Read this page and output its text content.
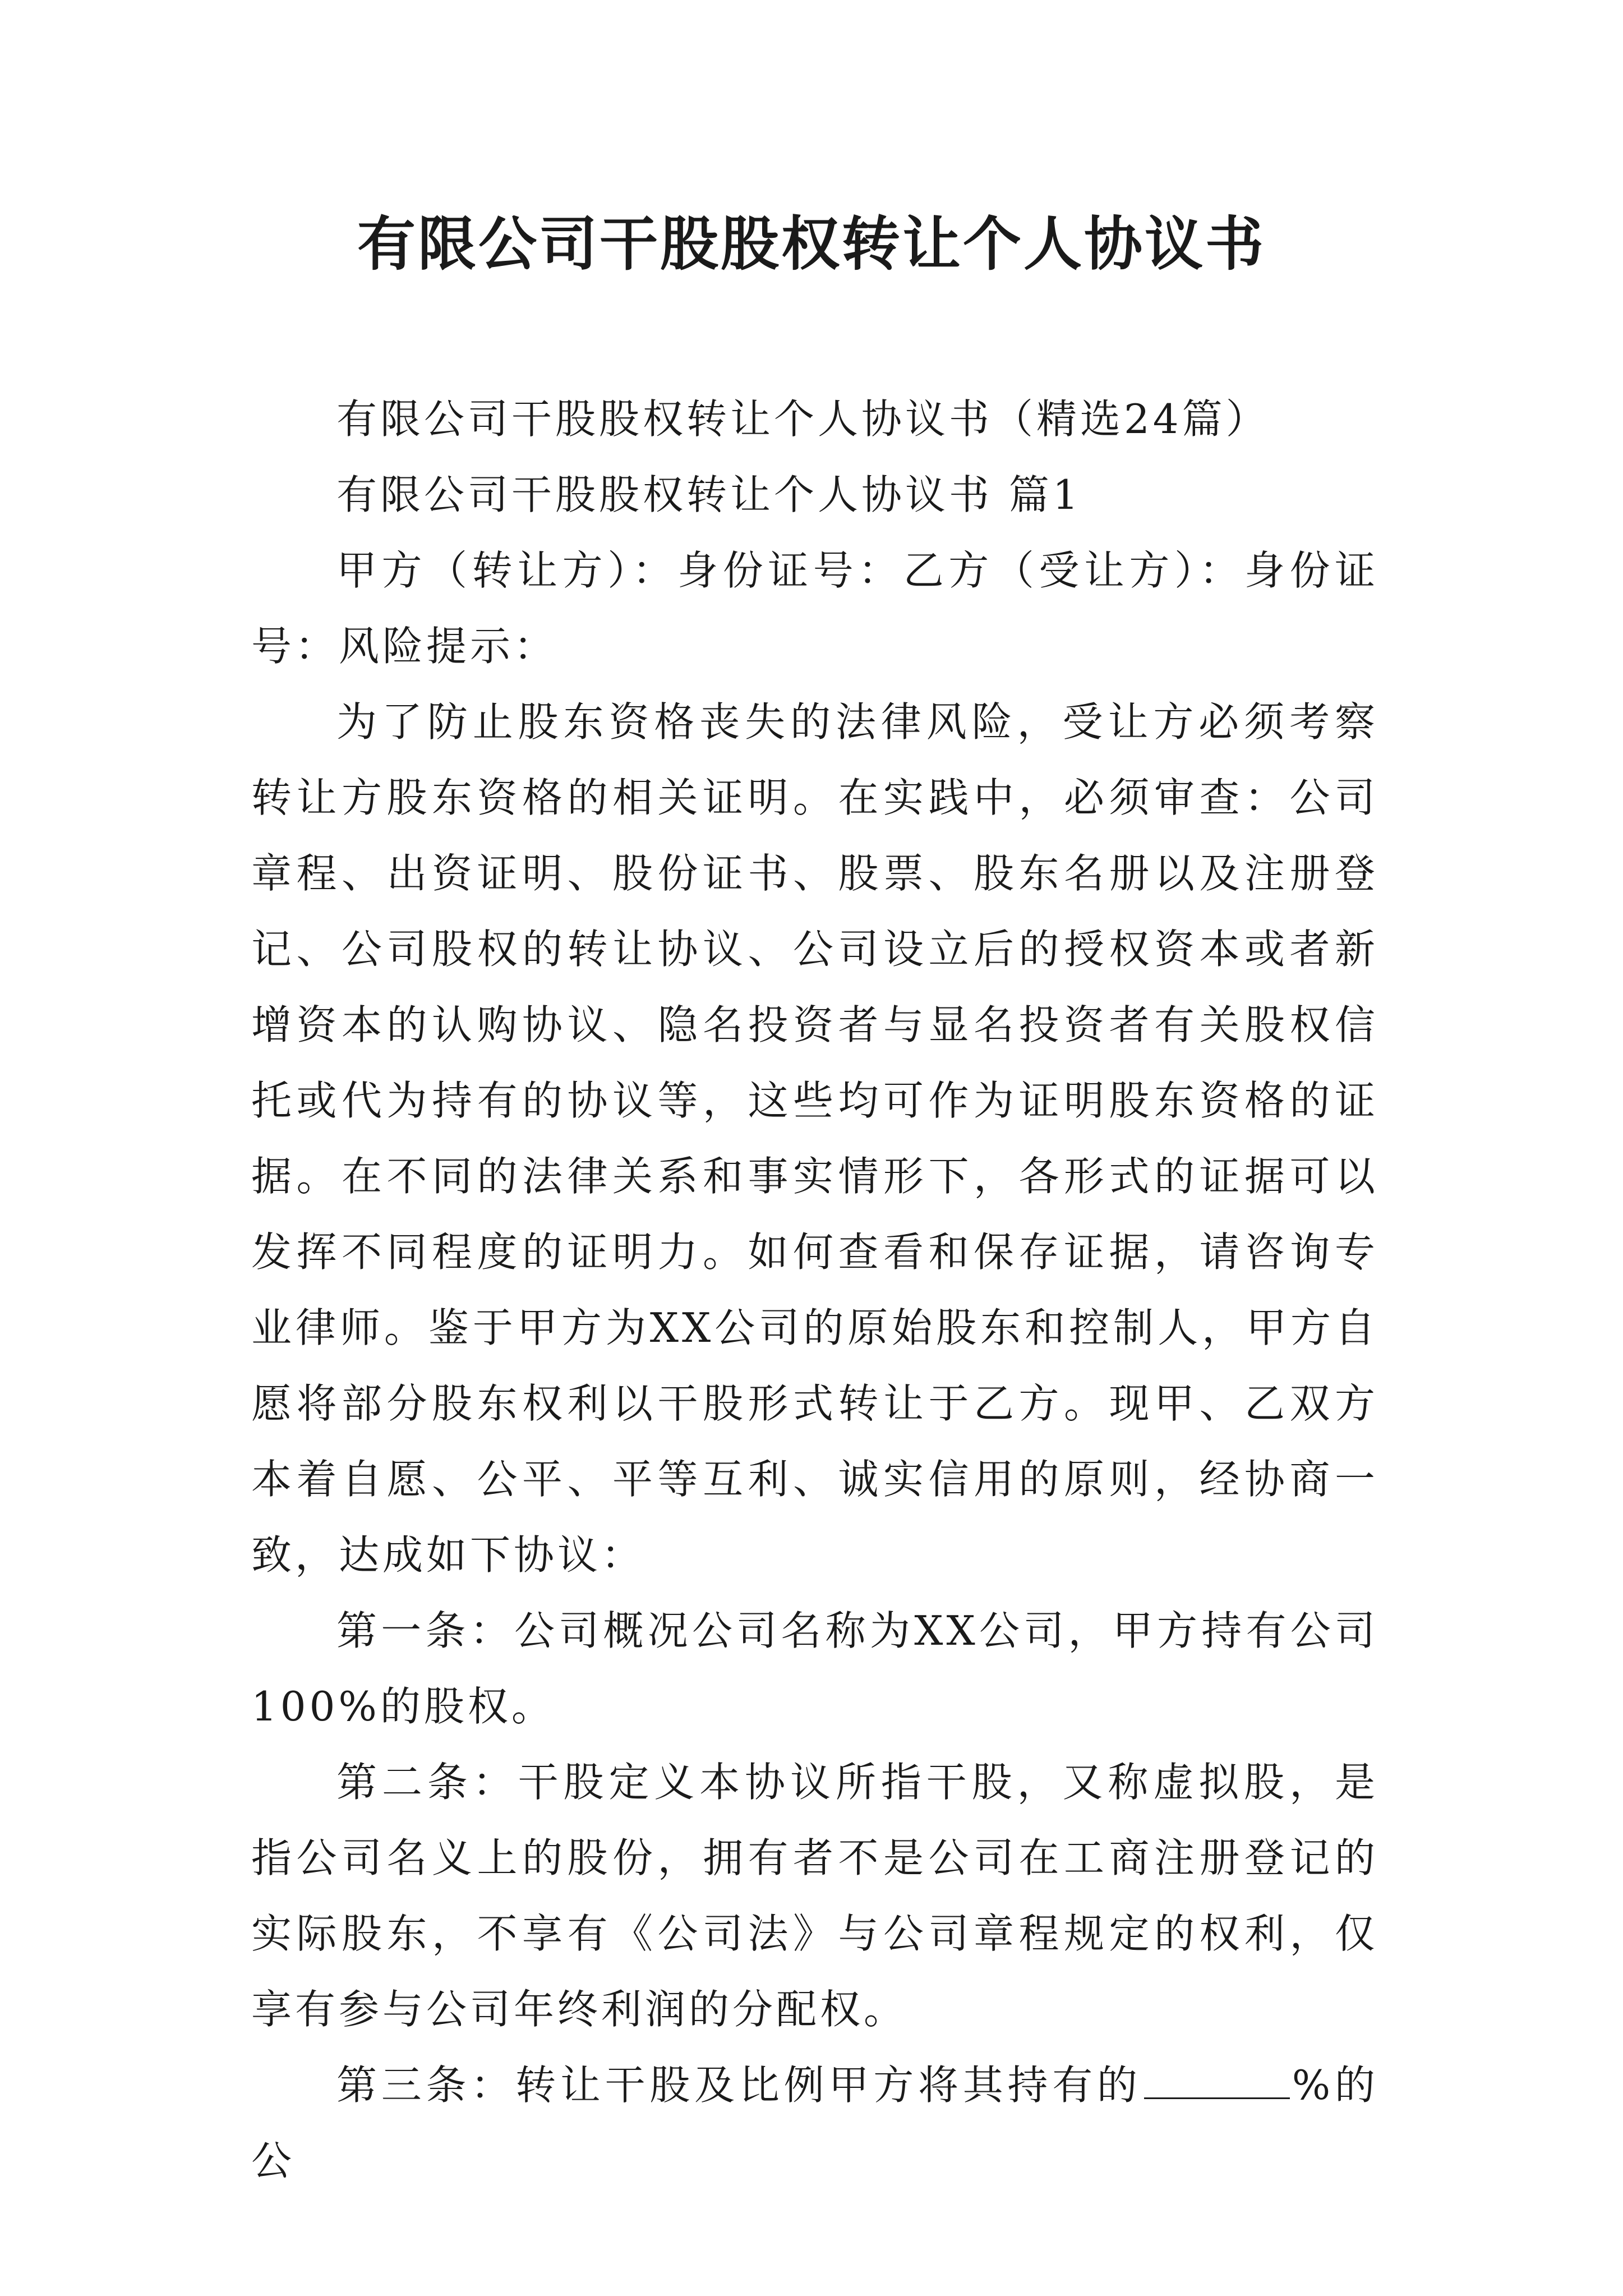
有限公司干股股权转让个人协议书

有限公司干股股权转让个人协议书（精选24篇）

有限公司干股股权转让个人协议书 篇1

甲方（转让方）：身份证号：乙方（受让方）：身份证号：风险提示：

为了防止股东资格丧失的法律风险，受让方必须考察转让方股东资格的相关证明。在实践中，必须审查：公司章程、出资证明、股份证书、股票、股东名册以及注册登记、公司股权的转让协议、公司设立后的授权资本或者新增资本的认购协议、隐名投资者与显名投资者有关股权信托或代为持有的协议等，这些均可作为证明股东资格的证据。在不同的法律关系和事实情形下，各形式的证据可以发挥不同程度的证明力。如何查看和保存证据，请咨询专业律师。鉴于甲方为XX公司的原始股东和控制人，甲方自愿将部分股东权利以干股形式转让于乙方。现甲、乙双方本着自愿、公平、平等互利、诚实信用的原则，经协商一致，达成如下协议：

第一条：公司概况公司名称为XX公司，甲方持有公司100%的股权。

第二条：干股定义本协议所指干股，又称虚拟股，是指公司名义上的股份，拥有者不是公司在工商注册登记的实际股东，不享有《公司法》与公司章程规定的权利，仅享有参与公司年终利润的分配权。

第三条：转让干股及比例甲方将其持有的	%的公
